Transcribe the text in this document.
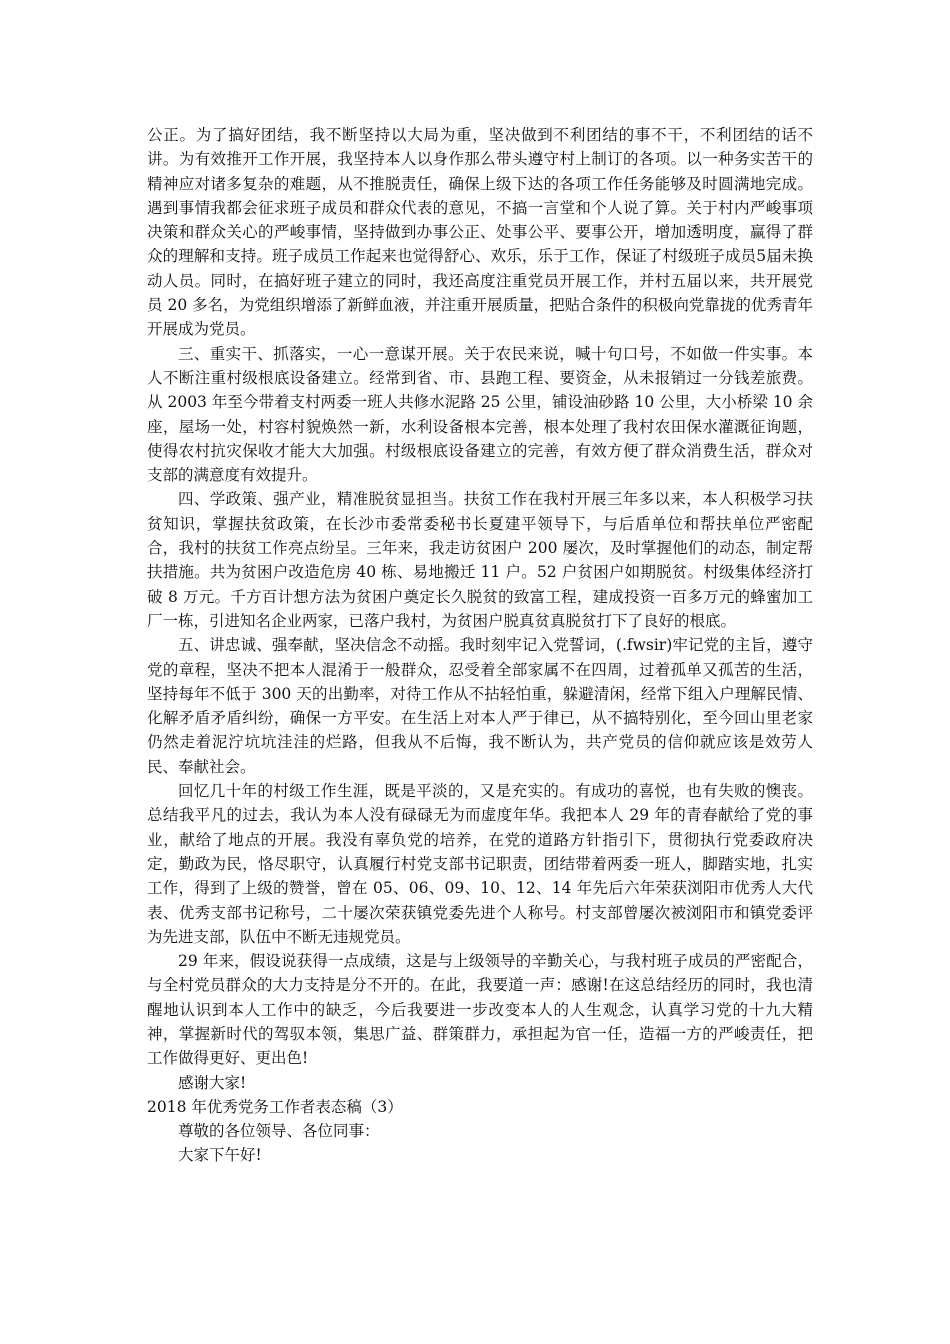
公正。为了搞好团结，我不断坚持以大局为重，坚决做到不利团结的事不干，不利团结的话不讲。为有效推开工作开展，我坚持本人以身作那么带头遵守村上制订的各项。以一种务实苦干的精神应对诸多复杂的难题，从不推脱责任，确保上级下达的各项工作任务能够及时圆满地完成。遇到事情我都会征求班子成员和群众代表的意见，不搞一言堂和个人说了算。关于村内严峻事项决策和群众关心的严峻事情，坚持做到办事公正、处事公平、要事公开，增加透明度，赢得了群众的理解和支持。班子成员工作起来也觉得舒心、欢乐，乐于工作，保证了村级班子成员5届未换动人员。同时，在搞好班子建立的同时，我还高度注重党员开展工作，并村五届以来，共开展党员 20 多名，为党组织增添了新鲜血液，并注重开展质量，把贴合条件的积极向党靠拢的优秀青年开展成为党员。

三、重实干、抓落实，一心一意谋开展。关于农民来说，喊十句口号，不如做一件实事。本人不断注重村级根底设备建立。经常到省、市、县跑工程、要资金，从未报销过一分钱差旅费。从 2003 年至今带着支村两委一班人共修水泥路 25 公里，铺设油砂路 10 公里，大小桥梁 10 余座，屋场一处，村容村貌焕然一新，水利设备根本完善，根本处理了我村农田保水灌溉征询题，使得农村抗灾保收才能大大加强。村级根底设备建立的完善，有效方便了群众消费生活，群众对支部的满意度有效提升。

四、学政策、强产业，精准脱贫显担当。扶贫工作在我村开展三年多以来，本人积极学习扶贫知识，掌握扶贫政策，在长沙市委常委秘书长夏建平领导下，与后盾单位和帮扶单位严密配合，我村的扶贫工作亮点纷呈。三年来，我走访贫困户 200 屡次，及时掌握他们的动态，制定帮扶措施。共为贫困户改造危房 40 栋、易地搬迁 11 户。52 户贫困户如期脱贫。村级集体经济打破 8 万元。千方百计想方法为贫困户奠定长久脱贫的致富工程，建成投资一百多万元的蜂蜜加工厂一栋，引进知名企业两家，已落户我村，为贫困户脱真贫真脱贫打下了良好的根底。

五、讲忠诚、强奉献，坚决信念不动摇。我时刻牢记入党誓词，(.fwsir)牢记党的主旨，遵守党的章程，坚决不把本人混淆于一般群众，忍受着全部家属不在四周，过着孤单又孤苦的生活，坚持每年不低于 300 天的出勤率，对待工作从不拈轻怕重，躲避清闲，经常下组入户理解民情、化解矛盾矛盾纠纷，确保一方平安。在生活上对本人严于律已，从不搞特别化，至今回山里老家仍然走着泥泞坑坑洼洼的烂路，但我从不后悔，我不断认为，共产党员的信仰就应该是效劳人民、奉献社会。

回忆几十年的村级工作生涯，既是平淡的，又是充实的。有成功的喜悦，也有失败的懊丧。总结我平凡的过去，我认为本人没有碌碌无为而虚度年华。我把本人 29 年的青春献给了党的事业，献给了地点的开展。我没有辜负党的培养，在党的道路方针指引下，贯彻执行党委政府决定，勤政为民，恪尽职守，认真履行村党支部书记职责，团结带着两委一班人，脚踏实地，扎实工作，得到了上级的赞誉，曾在 05、06、09、10、12、14 年先后六年荣获浏阳市优秀人大代表、优秀支部书记称号，二十屡次荣获镇党委先进个人称号。村支部曾屡次被浏阳市和镇党委评为先进支部，队伍中不断无违规党员。

29 年来，假设说获得一点成绩，这是与上级领导的辛勤关心，与我村班子成员的严密配合，与全村党员群众的大力支持是分不开的。在此，我要道一声：感谢!在这总结经历的同时，我也清醒地认识到本人工作中的缺乏，今后我要进一步改变本人的人生观念，认真学习党的十九大精神，掌握新时代的驾驭本领，集思广益、群策群力，承担起为官一任，造福一方的严峻责任，把工作做得更好、更出色!

感谢大家!

2018 年优秀党务工作者表态稿（3）

尊敬的各位领导、各位同事：

大家下午好!
